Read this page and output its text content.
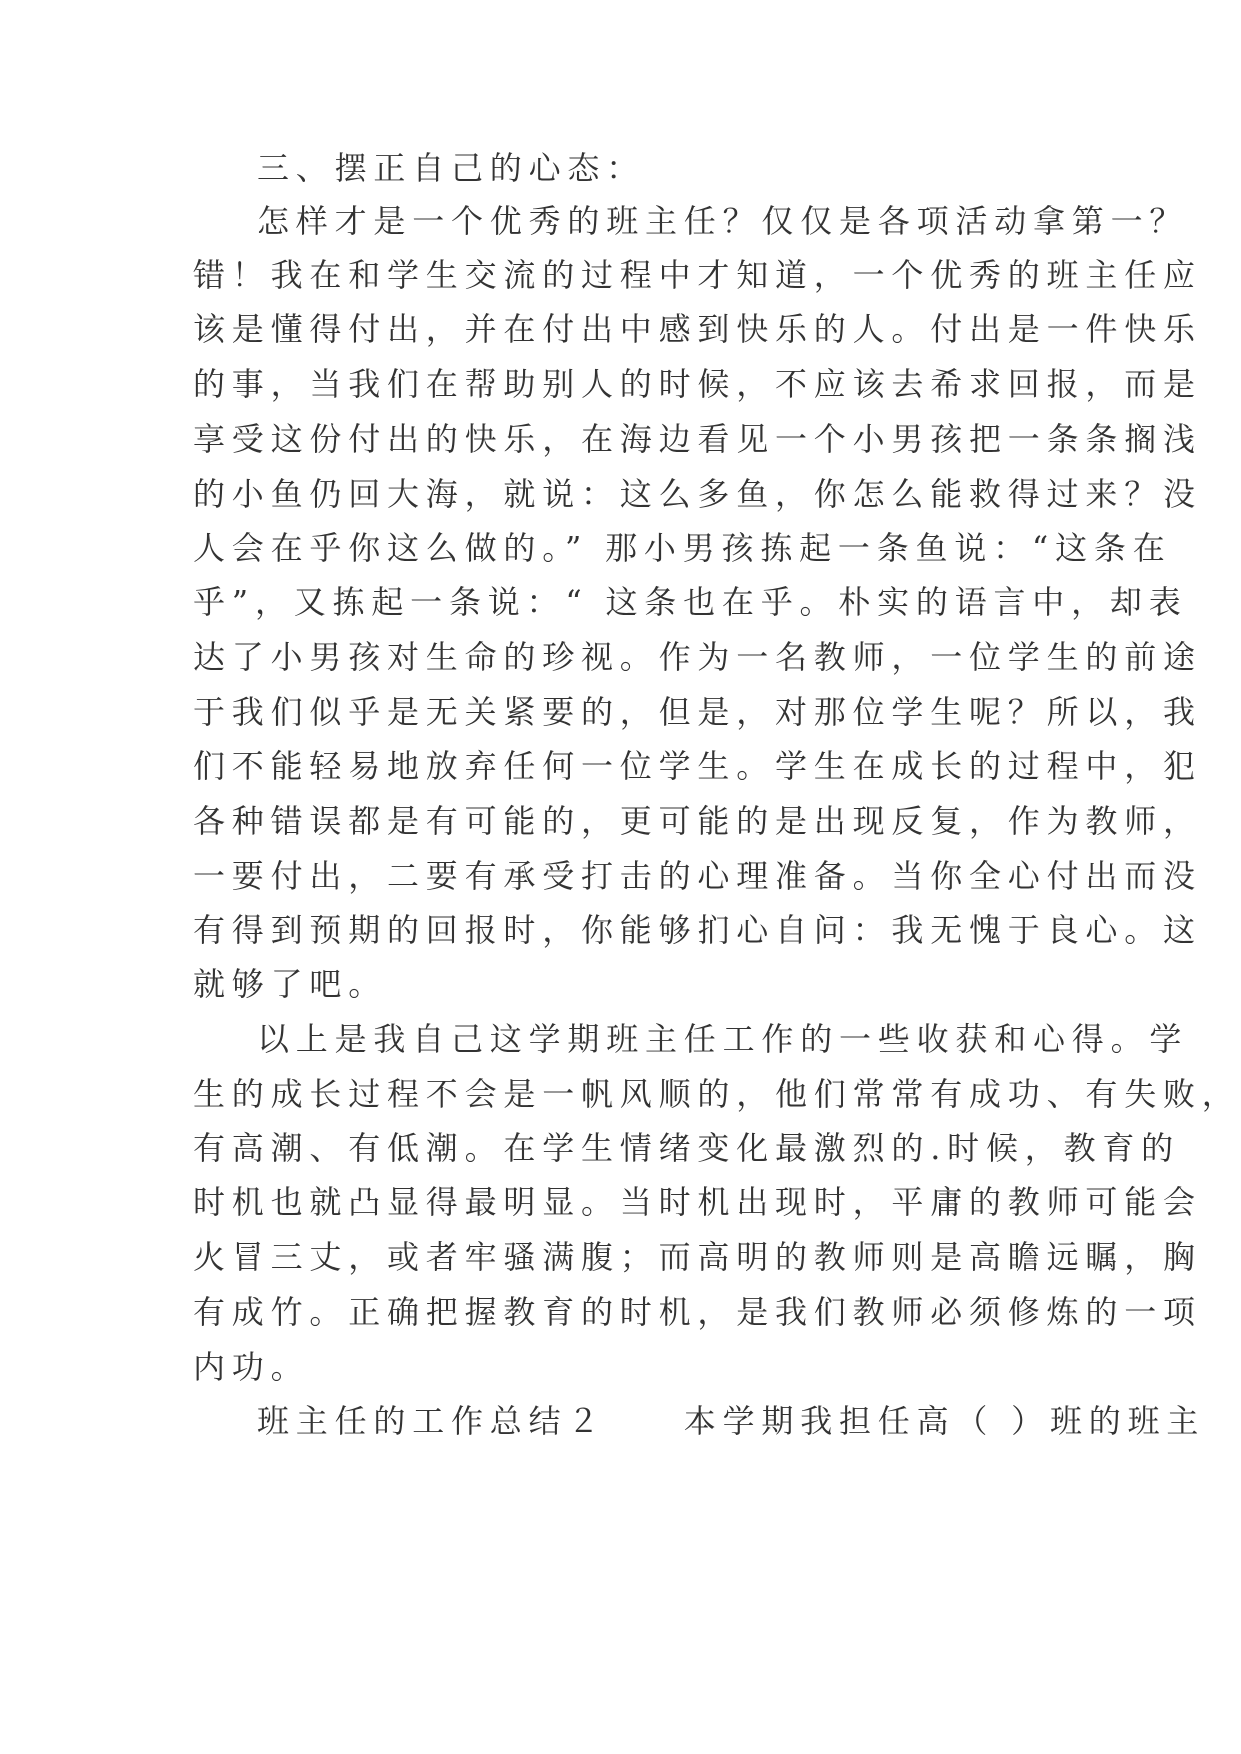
三、摆正自己的心态：
怎样才是一个优秀的班主任？仅仅是各项活动拿第一？
错！我在和学生交流的过程中才知道，一个优秀的班主任应
该是懂得付出，并在付出中感到快乐的人。付出是一件快乐
的事，当我们在帮助别人的时候，不应该去希求回报，而是
享受这份付出的快乐，在海边看见一个小男孩把一条条搁浅
的小鱼仍回大海，就说：这么多鱼，你怎么能救得过来？没
人会在乎你这么做的。” 那小男孩拣起一条鱼说：“这条在
乎”，又拣起一条说：“ 这条也在乎。朴实的语言中，却表
达了小男孩对生命的珍视。作为一名教师，一位学生的前途
于我们似乎是无关紧要的，但是，对那位学生呢？所以，我
们不能轻易地放弃任何一位学生。学生在成长的过程中，犯
各种错误都是有可能的，更可能的是出现反复，作为教师，
一要付出，二要有承受打击的心理准备。当你全心付出而没
有得到预期的回报时，你能够扪心自问：我无愧于良心。这
就够了吧。
以上是我自己这学期班主任工作的一些收获和心得。学
生的成长过程不会是一帆风顺的，他们常常有成功、有失败，
有高潮、有低潮。在学生情绪变化最激烈的.时候，教育的
时机也就凸显得最明显。当时机出现时，平庸的教师可能会
火冒三丈，或者牢骚满腹；而高明的教师则是高瞻远瞩，胸
有成竹。正确把握教育的时机，是我们教师必须修炼的一项
内功。
班主任的工作总结２　　本学期我担任高（ ）班的班主
